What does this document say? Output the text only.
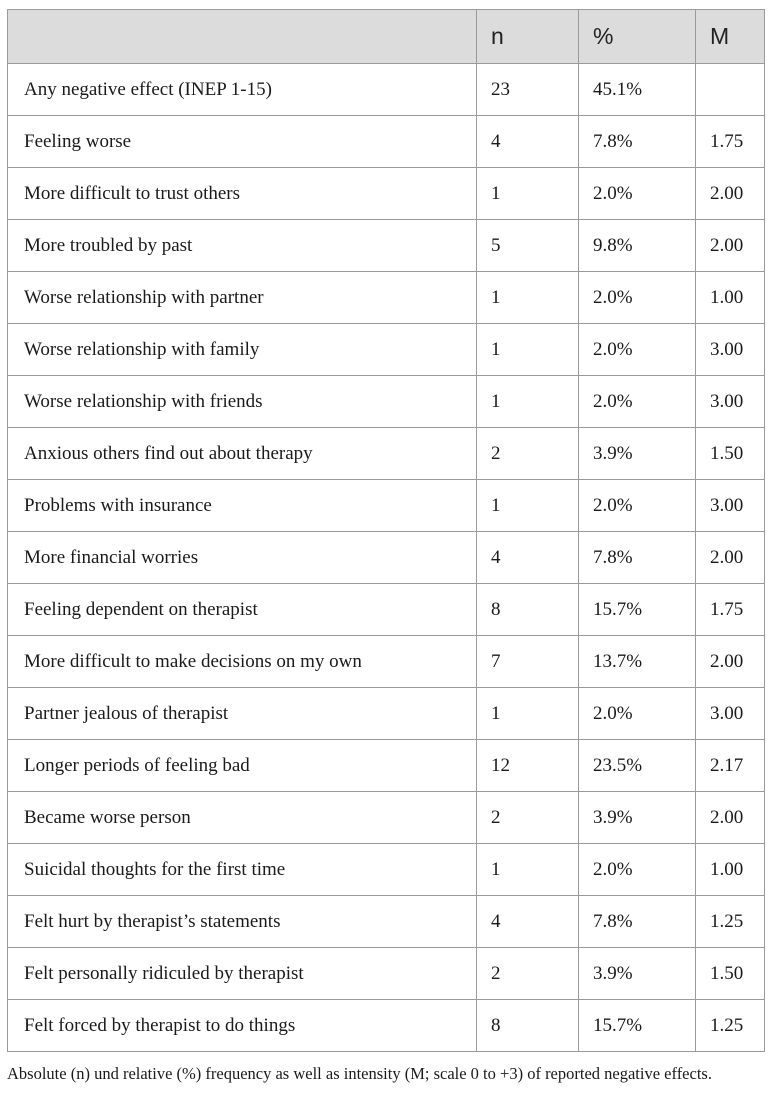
	n	%	M
Any negative effect (INEP 1-15)	23	45.1%	
Feeling worse	4	7.8%	1.75
More difficult to trust others	1	2.0%	2.00
More troubled by past	5	9.8%	2.00
Worse relationship with partner	1	2.0%	1.00
Worse relationship with family	1	2.0%	3.00
Worse relationship with friends	1	2.0%	3.00
Anxious others find out about therapy	2	3.9%	1.50
Problems with insurance	1	2.0%	3.00
More financial worries	4	7.8%	2.00
Feeling dependent on therapist	8	15.7%	1.75
More difficult to make decisions on my own	7	13.7%	2.00
Partner jealous of therapist	1	2.0%	3.00
Longer periods of feeling bad	12	23.5%	2.17
Became worse person	2	3.9%	2.00
Suicidal thoughts for the first time	1	2.0%	1.00
Felt hurt by therapist’s statements	4	7.8%	1.25
Felt personally ridiculed by therapist	2	3.9%	1.50
Felt forced by therapist to do things	8	15.7%	1.25

Absolute (n) und relative (%) frequency as well as intensity (M; scale 0 to +3) of reported negative effects.
